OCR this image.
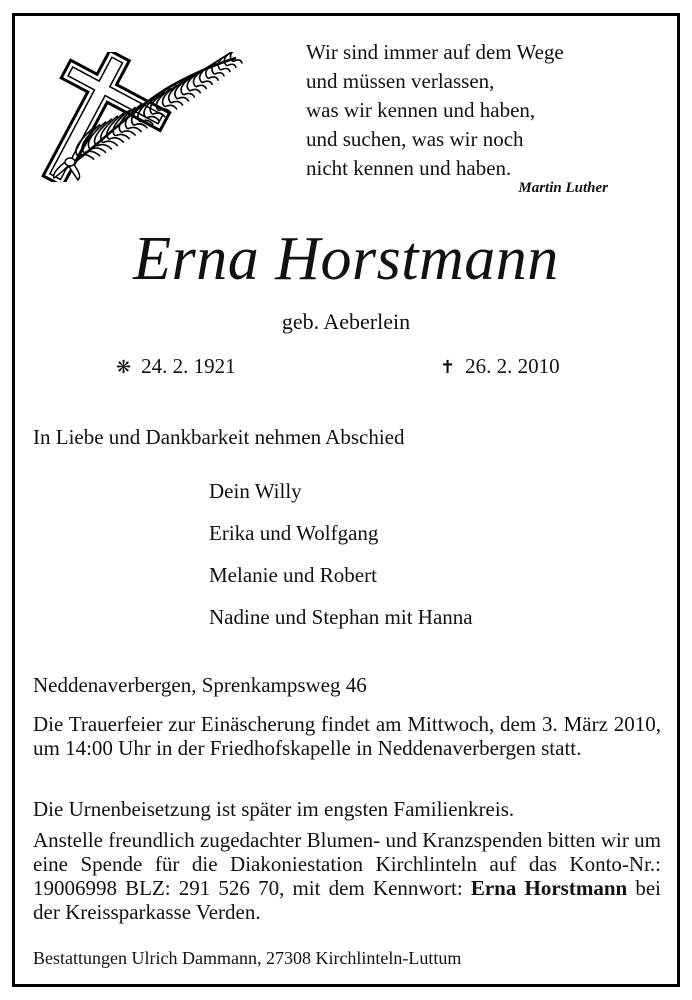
Wir sind immer auf dem Wege
und müssen verlassen,
was wir kennen und haben,
und suchen, was wir noch
nicht kennen und haben.
Martin Luther
Erna Horstmann
geb. Aeberlein
❋ 24. 2. 1921	✝ 26. 2. 2010
In Liebe und Dankbarkeit nehmen Abschied
Dein Willy
Erika und Wolfgang
Melanie und Robert
Nadine und Stephan mit Hanna
Neddenaverbergen, Sprenkampsweg 46
Die Trauerfeier zur Einäscherung findet am Mittwoch, dem 3. März 2010, um 14:00 Uhr in der Friedhofskapelle in Neddenaverbergen statt.
Die Urnenbeisetzung ist später im engsten Familienkreis.
Anstelle freundlich zugedachter Blumen- und Kranzspenden bitten wir um eine Spende für die Diakoniestation Kirchlinteln auf das Konto-Nr.: 19006998 BLZ: 291 526 70, mit dem Kennwort: Erna Horstmann bei der Kreissparkasse Verden.
Bestattungen Ulrich Dammann, 27308 Kirchlinteln-Luttum
